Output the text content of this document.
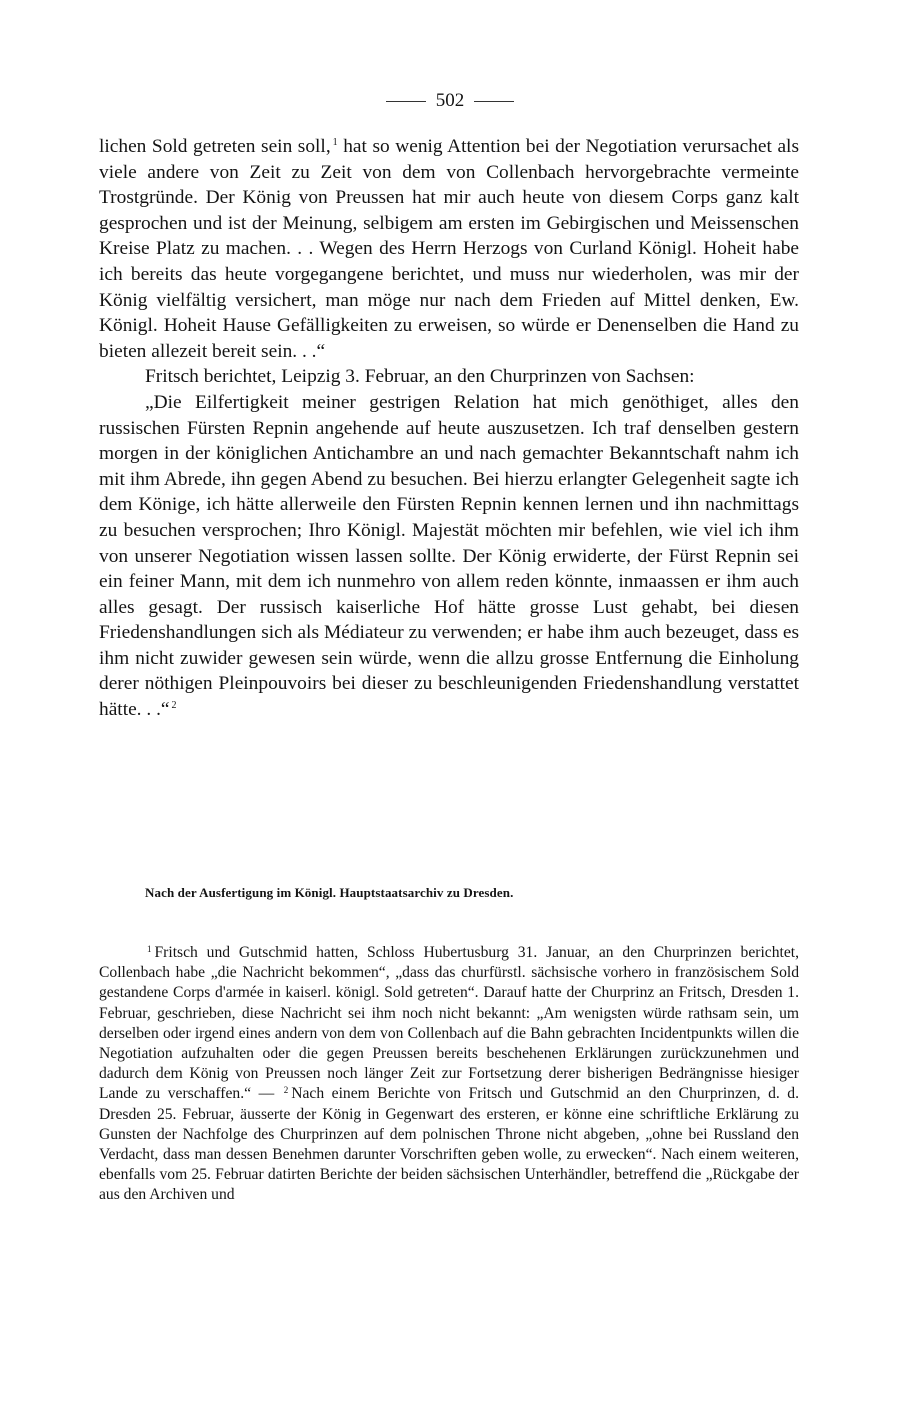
502

lichen Sold getreten sein soll, $^1$ hat so wenig Attention bei der Negotiation verursachet als viele andere von Zeit zu Zeit von dem von Collenbach hervorgebrachte vermeinte Trostgründe. Der König von Preussen hat mir auch heute von diesem Corps ganz kalt gesprochen und ist der Meinung, selbigem am ersten im Gebirgischen und Meissenschen Kreise Platz zu machen. . . Wegen des Herrn Herzogs von Curland Königl. Hoheit habe ich bereits das heute vorgegangene berichtet, und muss nur wiederholen, was mir der König vielfältig versichert, man möge nur nach dem Frieden auf Mittel denken, Ew. Königl. Hoheit Hause Gefälligkeiten zu erweisen, so würde er Denenselben die Hand zu bieten allezeit bereit sein. . .“

Fritsch berichtet, Leipzig 3. Februar, an den Churprinzen von Sachsen:

„Die Eilfertigkeit meiner gestrigen Relation hat mich genöthiget, alles den russischen Fürsten Repnin angehende auf heute auszusetzen. Ich traf denselben gestern morgen in der königlichen Antichambre an und nach gemachter Bekanntschaft nahm ich mit ihm Abrede, ihn gegen Abend zu besuchen. Bei hierzu erlangter Gelegenheit sagte ich dem Könige, ich hätte allerweile den Fürsten Repnin kennen lernen und ihn nachmittags zu besuchen versprochen; Ihro Königl. Majestät möchten mir befehlen, wie viel ich ihm von unserer Negotiation wissen lassen sollte. Der König erwiderte, der Fürst Repnin sei ein feiner Mann, mit dem ich nunmehro von allem reden könnte, inmaassen er ihm auch alles gesagt. Der russisch kaiserliche Hof hätte grosse Lust gehabt, bei diesen Friedenshandlungen sich als Médiateur zu verwenden; er habe ihm auch bezeuget, dass es ihm nicht zuwider gewesen sein würde, wenn die allzu grosse Entfernung die Einholung derer nöthigen Pleinpouvoirs bei dieser zu beschleunigenden Friedenshandlung verstattet hätte. . .“ $^2$

Nach der Ausfertigung im Königl. Hauptstaatsarchiv zu Dresden.

$^1$ Fritsch und Gutschmid hatten, Schloss Hubertusburg 31. Januar, an den Churprinzen berichtet, Collenbach habe „die Nachricht bekommen“, „dass das churfürstl. sächsische vorhero in französischem Sold gestandene Corps d'armée in kaiserl. königl. Sold getreten“. Darauf hatte der Churprinz an Fritsch, Dresden 1. Februar, geschrieben, diese Nachricht sei ihm noch nicht bekannt: „Am wenigsten würde rathsam sein, um derselben oder irgend eines andern von dem von Collenbach auf die Bahn gebrachten Incidentpunkts willen die Negotiation aufzuhalten oder die gegen Preussen bereits beschehenen Erklärungen zurückzunehmen und dadurch dem König von Preussen noch länger Zeit zur Fortsetzung derer bisherigen Bedrängnisse hiesiger Lande zu verschaffen.“ — $^2$ Nach einem Berichte von Fritsch und Gutschmid an den Churprinzen, d. d. Dresden 25. Februar, äusserte der König in Gegenwart des ersteren, er könne eine schriftliche Erklärung zu Gunsten der Nachfolge des Churprinzen auf dem polnischen Throne nicht abgeben, „ohne bei Russland den Verdacht, dass man dessen Benehmen darunter Vorschriften geben wolle, zu erwecken“. Nach einem weiteren, ebenfalls vom 25. Februar datirten Berichte der beiden sächsischen Unterhändler, betreffend die „Rückgabe der aus den Archiven und
